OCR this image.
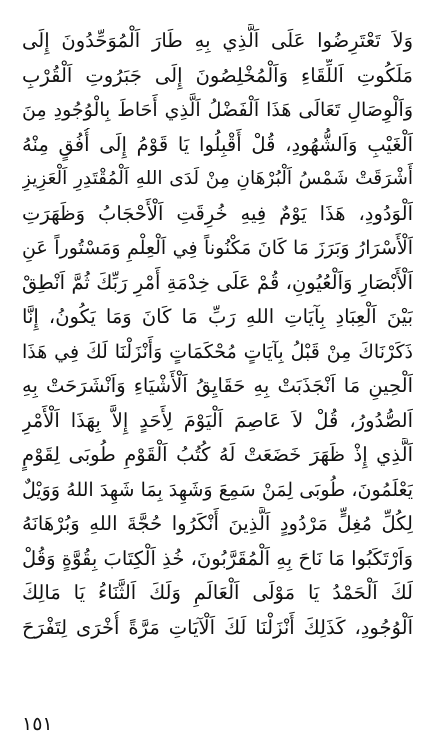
وَلاَ تَعْتَرِضُوا عَلَى اَلَّذِي بِهِ طَارَ اَلْمُوَحِّدُونَ إِلَى
مَلَكُوتِ اَللِّقَاءِ وَاَلْمُخْلِصُونَ إِلَى جَبَرُوتِ اَلْقُرْبِ
وَاَلْوِصَالِ تَعَالَى هَذَا اَلْفَضْلُ اَلَّذِي أَحَاطَ بِالْوُجُودِ مِنَ
اَلْغَيْبِ وَاَلشُّهُودِ، قُلْ أَقْبِلُوا يَا قَوْمُ إِلَى أُفُقٍ مِنْهُ
أَشْرَقَتْ شَمْسُ اَلْبُرْهَانِ مِنْ لَدَى اللهِ اَلْمُقْتَدِرِ اَلْعَزِيزِ
اَلْوَدُودِ، هَذَا يَوْمٌ فِيهِ خُرِقَتِ اَلْأَحْجَابُ وَظَهَرَتِ
اَلْأَسْرَارُ وَبَرَزَ مَا كَانَ مَكْنُوناً فِي اَلْعِلْمِ وَمَسْتُوراً عَنِ
اَلْأَبْصَارِ وَاَلْعُيُونِ، قُمْ عَلَى خِدْمَةِ أَمْرِ رَبِّكَ ثُمَّ اَنْطِقْ
بَيْنَ اَلْعِبَادِ بِآيَاتِ اللهِ رَبِّ مَا كَانَ وَمَا يَكُونُ، إِنَّا
ذَكَرْنَاكَ مِنْ قَبْلُ بِآيَاتٍ مُحْكَمَاتٍ وَأَنْزَلْنَا لَكَ فِي هَذَا
اَلْحِينِ مَا اَنْجَذَبَتْ بِهِ حَقَايِقُ اَلْأَشْيَاءِ وَاَنْشَرَحَتْ بِهِ
اَلصُّدُورُ، قُلْ لاَ عَاصِمَ اَلْيَوْمَ لِأَحَدٍ إِلاَّ بِهَذَا اَلْأَمْرِ
اَلَّذِي إِذْ ظَهَرَ خَضَعَتْ لَهُ كُتُبُ اَلْقَوْمِ طُوبَى لِقَوْمٍ
يَعْلَمُونَ، طُوبَى لِمَنْ سَمِعَ وَشَهِدَ بِمَا شَهِدَ اللهُ وَوَيْلٌ
لِكُلِّ مُغِلٍّ مَرْدُودٍ اَلَّذِينَ أَنْكَرُوا حُجَّةَ اللهِ وَبُرْهَانَهُ
وَاَرْتَكَبُوا مَا نَاحَ بِهِ اَلْمُقَرَّبُونَ، خُذِ اَلْكِتَابَ بِقُوَّةٍ وَقُلْ
لَكَ اَلْحَمْدُ يَا مَوْلَى اَلْعَالَمِ وَلَكَ اَلثَّنَاءُ يَا مَالِكَ
اَلْوُجُودِ، كَذَلِكَ أَنْزَلْنَا لَكَ اَلْآيَاتِ مَرَّةً أُخْرَى لِتَفْرَحَ
١٥١
